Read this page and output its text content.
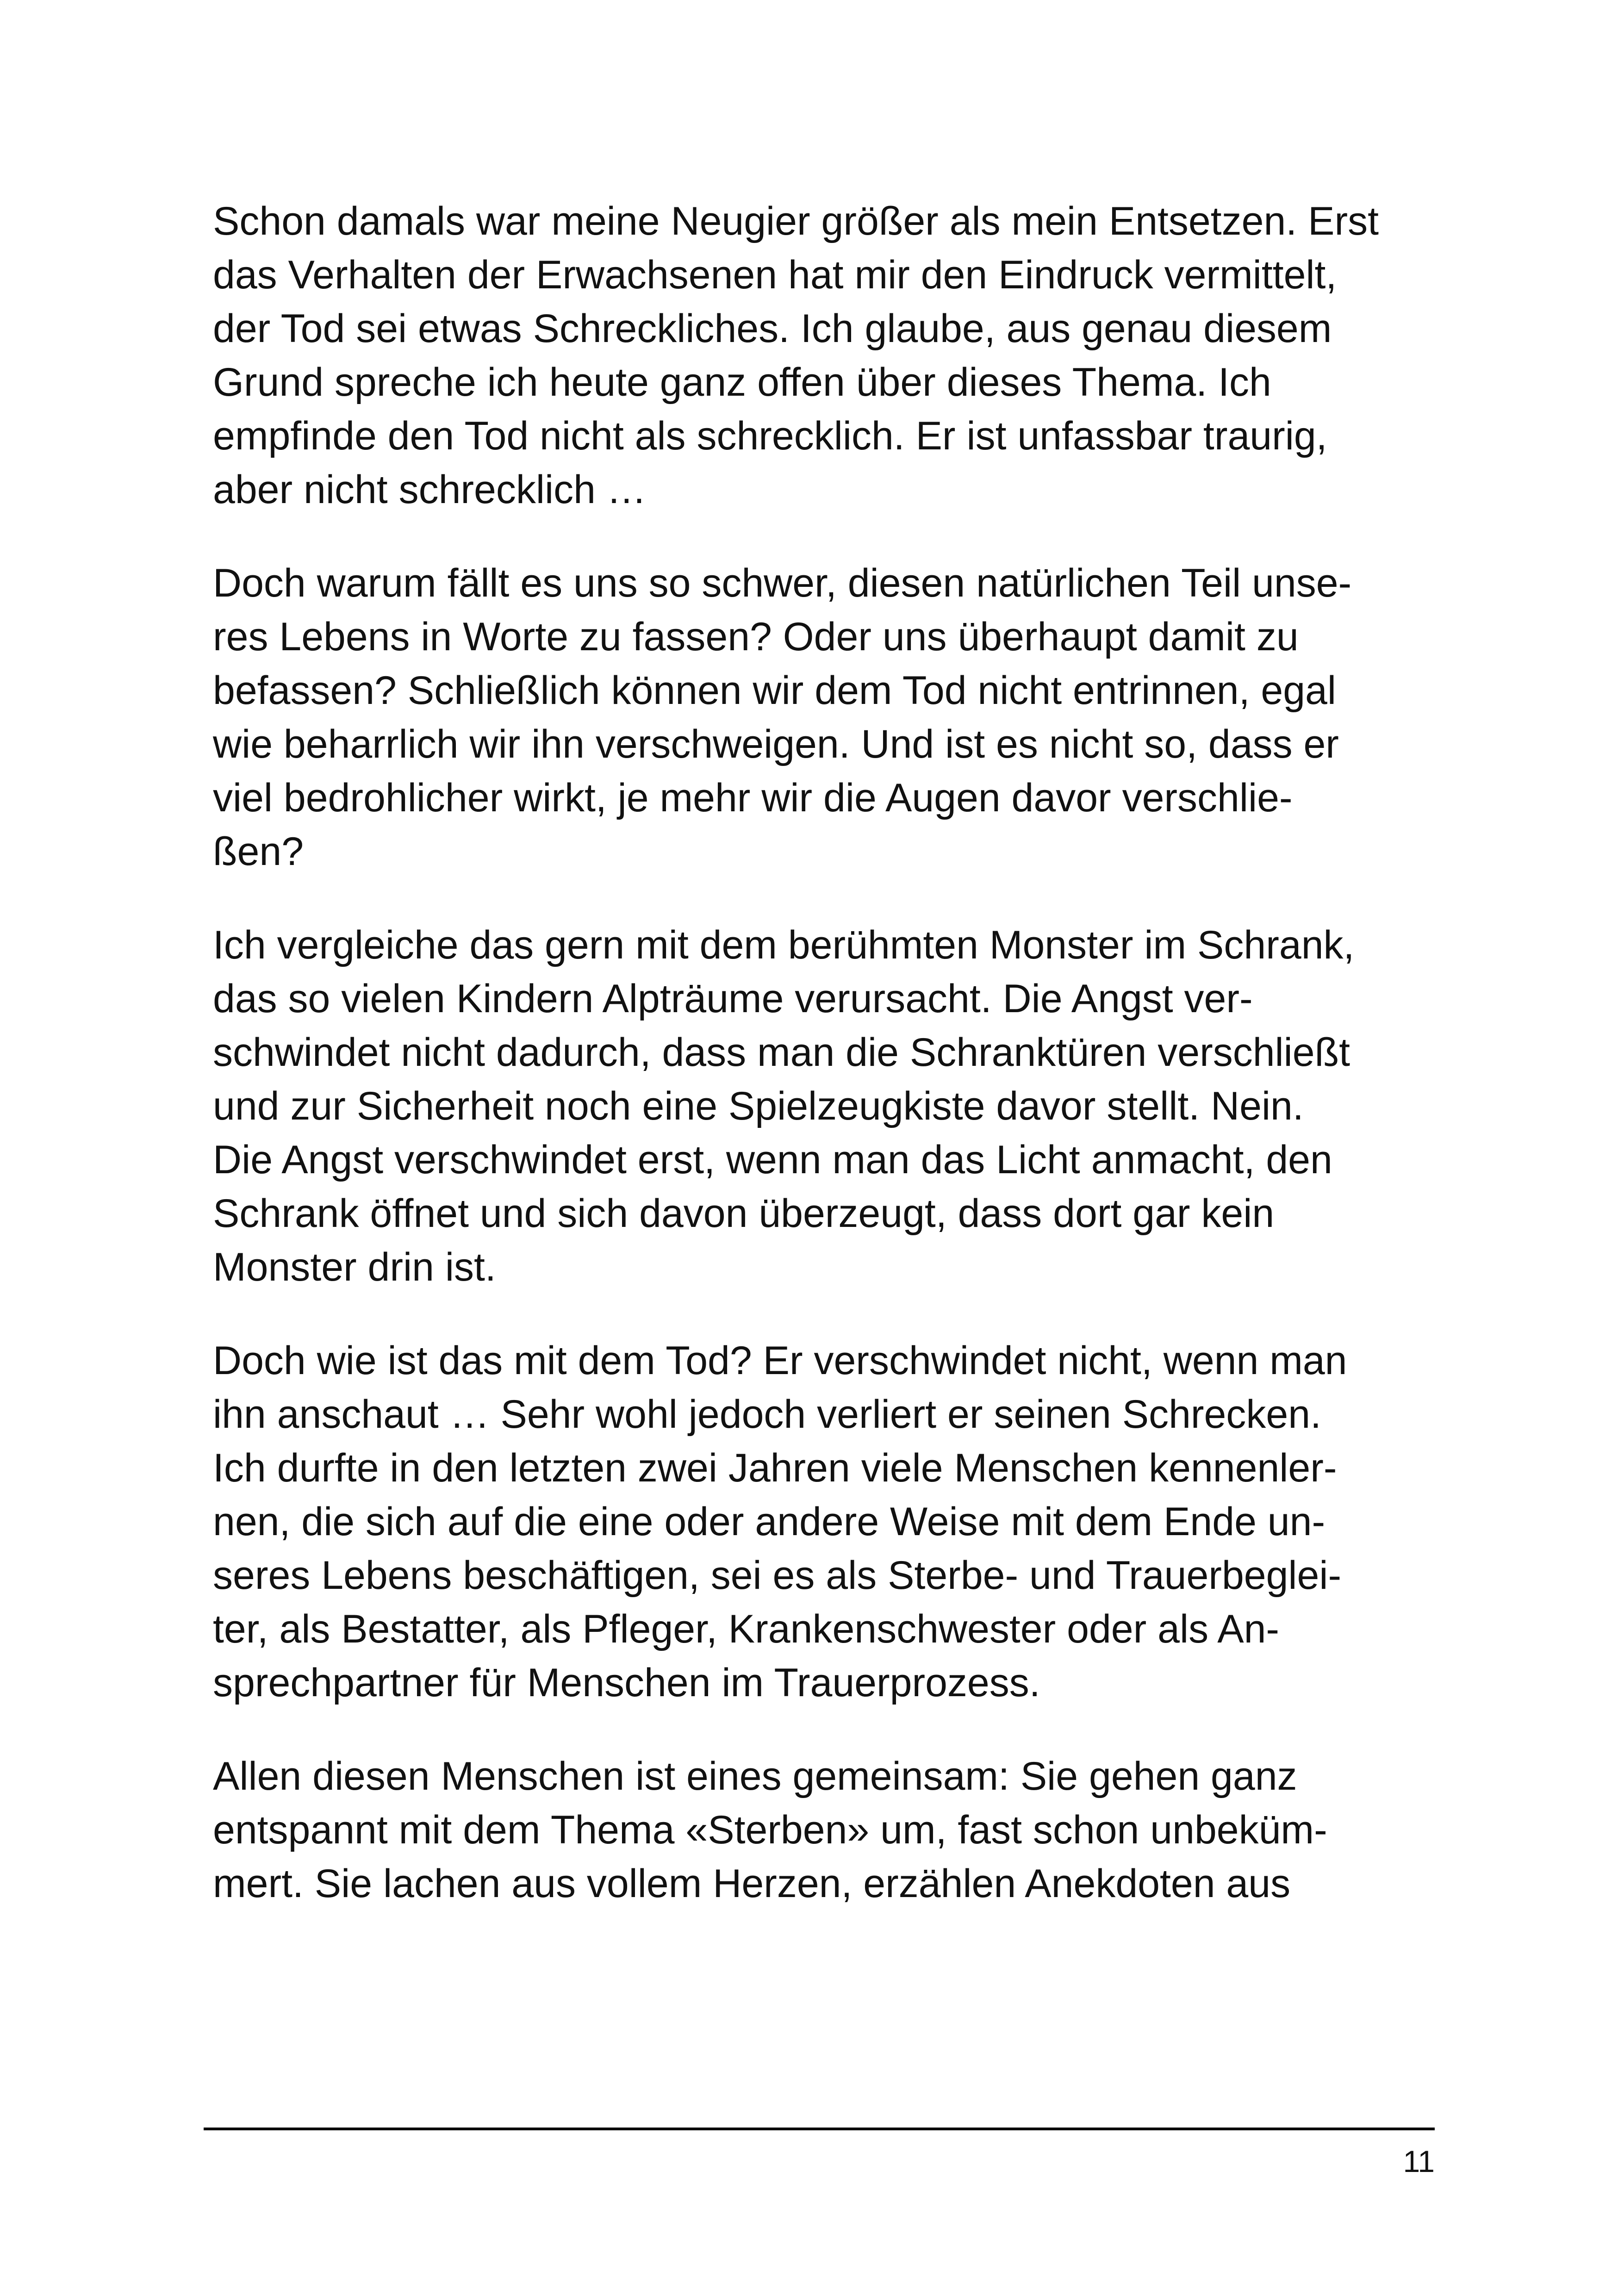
Schon damals war meine Neugier größer als mein Entsetzen. Erst
das Verhalten der Erwachsenen hat mir den Eindruck vermittelt,
der Tod sei etwas Schreckliches. Ich glaube, aus genau diesem
Grund spreche ich heute ganz offen über dieses Thema. Ich
empfinde den Tod nicht als schrecklich. Er ist unfassbar traurig,
aber nicht schrecklich …

Doch warum fällt es uns so schwer, diesen natürlichen Teil unse-
res Lebens in Worte zu fassen? Oder uns überhaupt damit zu
befassen? Schließlich können wir dem Tod nicht entrinnen, egal
wie beharrlich wir ihn verschweigen. Und ist es nicht so, dass er
viel bedrohlicher wirkt, je mehr wir die Augen davor verschlie-
ßen?

Ich vergleiche das gern mit dem berühmten Monster im Schrank,
das so vielen Kindern Alpträume verursacht. Die Angst ver-
schwindet nicht dadurch, dass man die Schranktüren verschließt
und zur Sicherheit noch eine Spielzeugkiste davor stellt. Nein.
Die Angst verschwindet erst, wenn man das Licht anmacht, den
Schrank öffnet und sich davon überzeugt, dass dort gar kein
Monster drin ist.

Doch wie ist das mit dem Tod? Er verschwindet nicht, wenn man
ihn anschaut … Sehr wohl jedoch verliert er seinen Schrecken.
Ich durfte in den letzten zwei Jahren viele Menschen kennenler-
nen, die sich auf die eine oder andere Weise mit dem Ende un-
seres Lebens beschäftigen, sei es als Sterbe- und Trauerbeglei-
ter, als Bestatter, als Pfleger, Krankenschwester oder als An-
sprechpartner für Menschen im Trauerprozess.

Allen diesen Menschen ist eines gemeinsam: Sie gehen ganz
entspannt mit dem Thema «Sterben» um, fast schon unbeküm-
mert. Sie lachen aus vollem Herzen, erzählen Anekdoten aus

11
